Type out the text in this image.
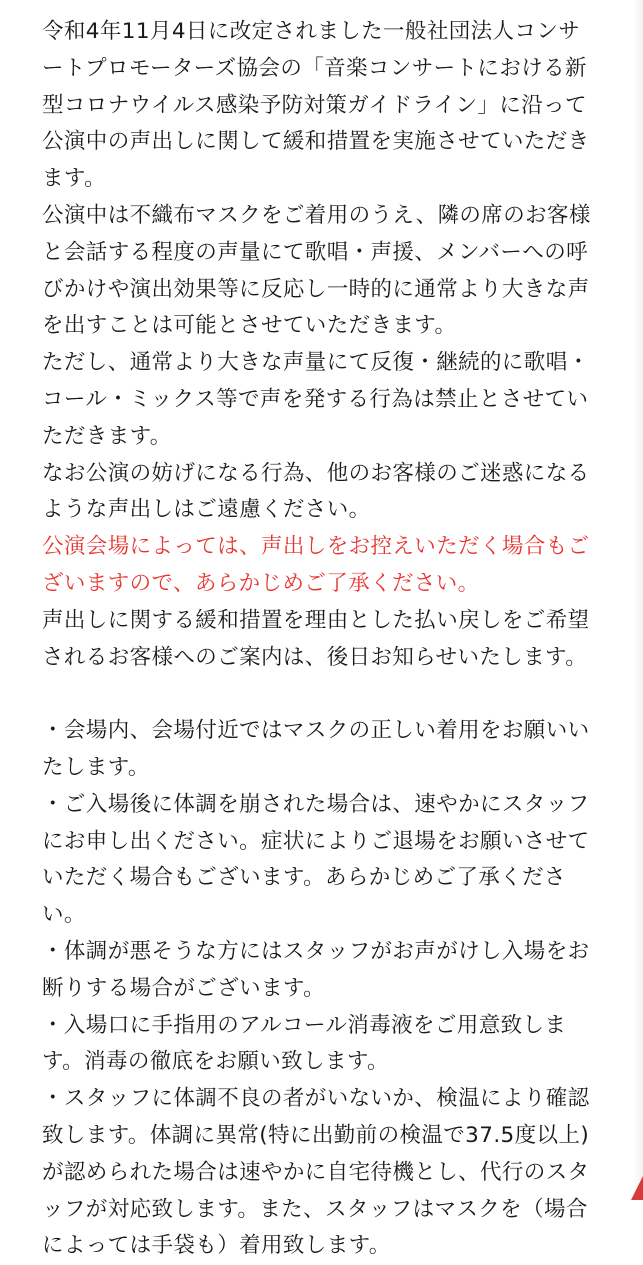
令和4年11月4日に改定されました一般社団法人コンサートプロモーターズ協会の「音楽コンサートにおける新型コロナウイルス感染予防対策ガイドライン」に沿って公演中の声出しに関して緩和措置を実施させていただきます。

公演中は不織布マスクをご着用のうえ、隣の席のお客様と会話する程度の声量にて歌唱・声援、メンバーへの呼びかけや演出効果等に反応し一時的に通常より大きな声を出すことは可能とさせていただきます。

ただし、通常より大きな声量にて反復・継続的に歌唱・コール・ミックス等で声を発する行為は禁止とさせていただきます。

なお公演の妨げになる行為、他のお客様のご迷惑になるような声出しはご遠慮ください。

公演会場によっては、声出しをお控えいただく場合もございますので、あらかじめご了承ください。

声出しに関する緩和措置を理由とした払い戻しをご希望されるお客様へのご案内は、後日お知らせいたします。

・会場内、会場付近ではマスクの正しい着用をお願いいたします。

・ご入場後に体調を崩された場合は、速やかにスタッフにお申し出ください。症状によりご退場をお願いさせていただく場合もございます。あらかじめご了承ください。

・体調が悪そうな方にはスタッフがお声がけし入場をお断りする場合がございます。

・入場口に手指用のアルコール消毒液をご用意致します。消毒の徹底をお願い致します。

・スタッフに体調不良の者がいないか、検温により確認致します。体調に異常(特に出勤前の検温で37.5度以上)が認められた場合は速やかに自宅待機とし、代行のスタッフが対応致します。また、スタッフはマスクを（場合によっては手袋も）着用致します。
